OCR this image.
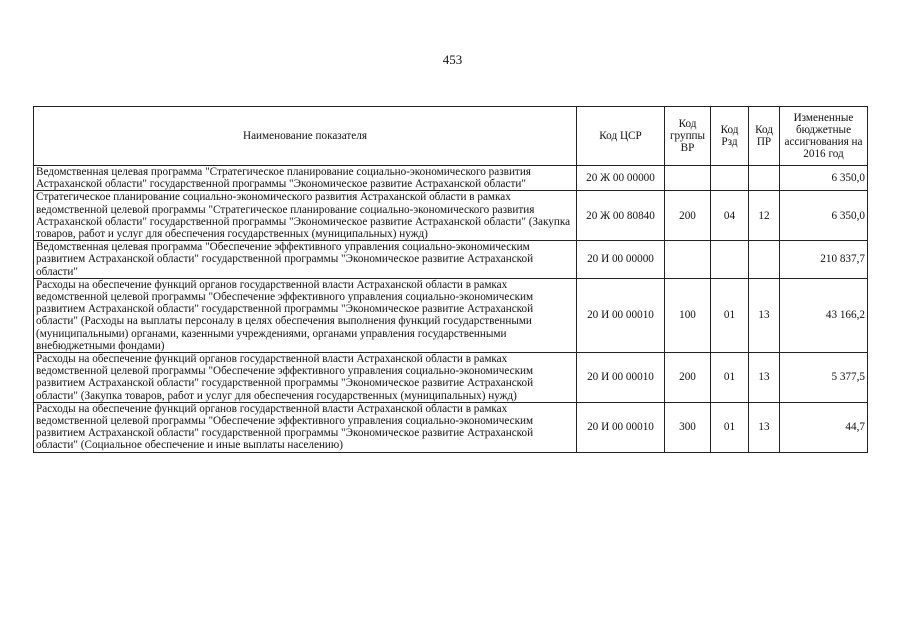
453
Наименование показателя	Код ЦСР	Код группы ВР	Код Рзд	Код ПР	Измененные бюджетные ассигнования на 2016 год
Ведомственная целевая программа "Стратегическое планирование социально-экономического развития Астраханской области" государственной программы "Экономическое развитие Астраханской области"	20 Ж 00 00000				6 350,0
Стратегическое планирование социально-экономического развития Астраханской области в рамках ведомственной целевой программы "Стратегическое планирование социально-экономического развития Астраханской области" государственной программы "Экономическое развитие Астраханской области" (Закупка товаров, работ и услуг для обеспечения государственных (муниципальных) нужд)	20 Ж 00 80840	200	04	12	6 350,0
Ведомственная целевая программа "Обеспечение эффективного управления социально-экономическим развитием Астраханской области" государственной программы "Экономическое развитие Астраханской области"	20 И 00 00000				210 837,7
Расходы на обеспечение функций органов государственной власти Астраханской области в рамках ведомственной целевой программы "Обеспечение эффективного управления социально-экономическим развитием Астраханской области" государственной программы "Экономическое развитие Астраханской области" (Расходы на выплаты персоналу в целях обеспечения выполнения функций государственными (муниципальными) органами, казенными учреждениями, органами управления государственными внебюджетными фондами)	20 И 00 00010	100	01	13	43 166,2
Расходы на обеспечение функций органов государственной власти Астраханской области в рамках ведомственной целевой программы "Обеспечение эффективного управления социально-экономическим развитием Астраханской области" государственной программы "Экономическое развитие Астраханской области" (Закупка товаров, работ и услуг для обеспечения государственных (муниципальных) нужд)	20 И 00 00010	200	01	13	5 377,5
Расходы на обеспечение функций органов государственной власти Астраханской области в рамках ведомственной целевой программы "Обеспечение эффективного управления социально-экономическим развитием Астраханской области" государственной программы "Экономическое развитие Астраханской области" (Социальное обеспечение и иные выплаты населению)	20 И 00 00010	300	01	13	44,7
